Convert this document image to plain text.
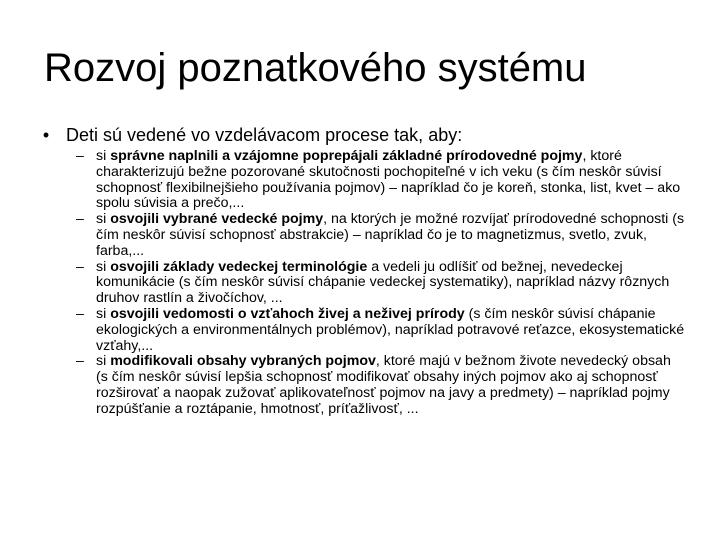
Rozvoj poznatkového systému
• Deti sú vedené vo vzdelávacom procese tak, aby:
– si správne naplnili a vzájomne poprepájali základné prírodovedné pojmy, ktoré charakterizujú bežne pozorované skutočnosti pochopiteľné v ich veku (s čím neskôr súvisí schopnosť flexibilnejšieho používania pojmov) – napríklad čo je koreň, stonka, list, kvet – ako spolu súvisia a prečo,...
– si osvojili vybrané vedecké pojmy, na ktorých je možné rozvíjať prírodovedné schopnosti (s čím neskôr súvisí schopnosť abstrakcie) – napríklad čo je to magnetizmus, svetlo, zvuk, farba,...
– si osvojili základy vedeckej terminológie a vedeli ju odlíšiť od bežnej, nevedeckej komunikácie (s čím neskôr súvisí chápanie vedeckej systematiky), napríklad názvy rôznych druhov rastlín a živočíchov, ...
– si osvojili vedomosti o vzťahoch živej a neživej prírody (s čím neskôr súvisí chápanie ekologických a environmentálnych problémov), napríklad potravové reťazce, ekosystematické vzťahy,...
– si modifikovali obsahy vybraných pojmov, ktoré majú v bežnom živote nevedecký obsah (s čím neskôr súvisí lepšia schopnosť modifikovať obsahy iných pojmov ako aj schopnosť rozširovať a naopak zužovať aplikovateľnosť pojmov na javy a predmety) – napríklad pojmy rozpúšťanie a roztápanie, hmotnosť, príťažlivosť, ...
